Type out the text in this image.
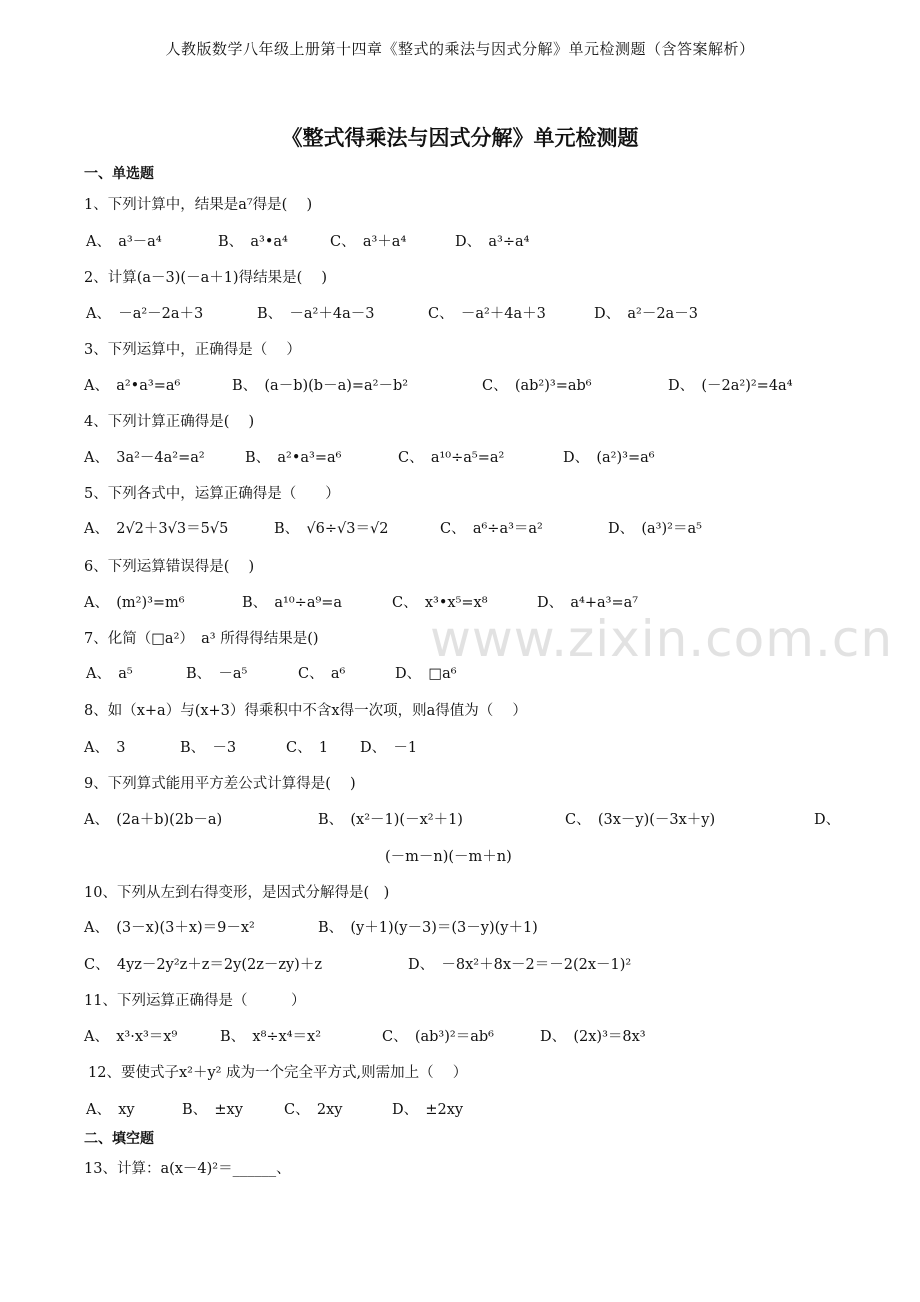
www.zixin.com.cn
人教版数学八年级上册第十四章《整式的乘法与因式分解》单元检测题（含答案解析）
《整式得乘法与因式分解》单元检测题
一、单选题
1、下列计算中，结果是a⁷得是(　 )
A、　a³－a⁴	B、　a³•a⁴	C、　a³＋a⁴	D、　a³÷a⁴
2、计算(a－3)(－a＋1)得结果是(　 )
A、　－a²－2a＋3	B、　－a²＋4a－3	C、　－a²＋4a＋3	D、　a²－2a－3
3、下列运算中，正确得是（　 ）
A、　a²•a³=a⁶	B、　(a－b)(b－a)=a²－b²	C、　(ab²)³=ab⁶	D、　(－2a²)²=4a⁴
4、下列计算正确得是(　 )
A、　3a²－4a²=a²	B、　a²•a³=a⁶	C、　a¹⁰÷a⁵=a²	D、　(a²)³=a⁶
5、下列各式中，运算正确得是（　　）
A、　2√2＋3√3＝5√5	B、　√6÷√3＝√2	C、　a⁶÷a³＝a²	D、　(a³)²＝a⁵
6、下列运算错误得是(　 )
A、　(m²)³=m⁶	B、　a¹⁰÷a⁹=a	C、　x³•x⁵=x⁸	D、　a⁴+a³=a⁷
7、化简（□a²）　a³ 所得得结果是()
A、　a⁵	B、　－a⁵	C、　a⁶	D、　□a⁶
8、如（x+a）与(x+3）得乘积中不含x得一次项，则a得值为（　 ）
A、　3	B、　－3	C、　1 D、　－1
9、下列算式能用平方差公式计算得是(　 )
A、　(2a＋b)(2b－a)	B、　(x²－1)(－x²＋1)	C、　(3x－y)(－3x＋y)	D、
(－m－n)(－m＋n)
10、下列从左到右得变形，是因式分解得是(　)
A、　(3－x)(3＋x)＝9－x²	B、　(y＋1)(y－3)＝(3－y)(y＋1)
C、　4yz－2y²z＋z＝2y(2z－zy)＋z	D、　－8x²＋8x－2＝－2(2x－1)²
11、下列运算正确得是（　　　）
A、　x³·x³＝x⁹	B、　x⁸÷x⁴＝x²	C、　(ab³)²＝ab⁶	D、　(2x)³＝8x³
12、要使式子x²＋y² 成为一个完全平方式,则需加上（　 ）
A、　xy	B、　±xy	C、　2xy	D、　±2xy
二、填空题
13、计算：a(x－4)²＝______、
